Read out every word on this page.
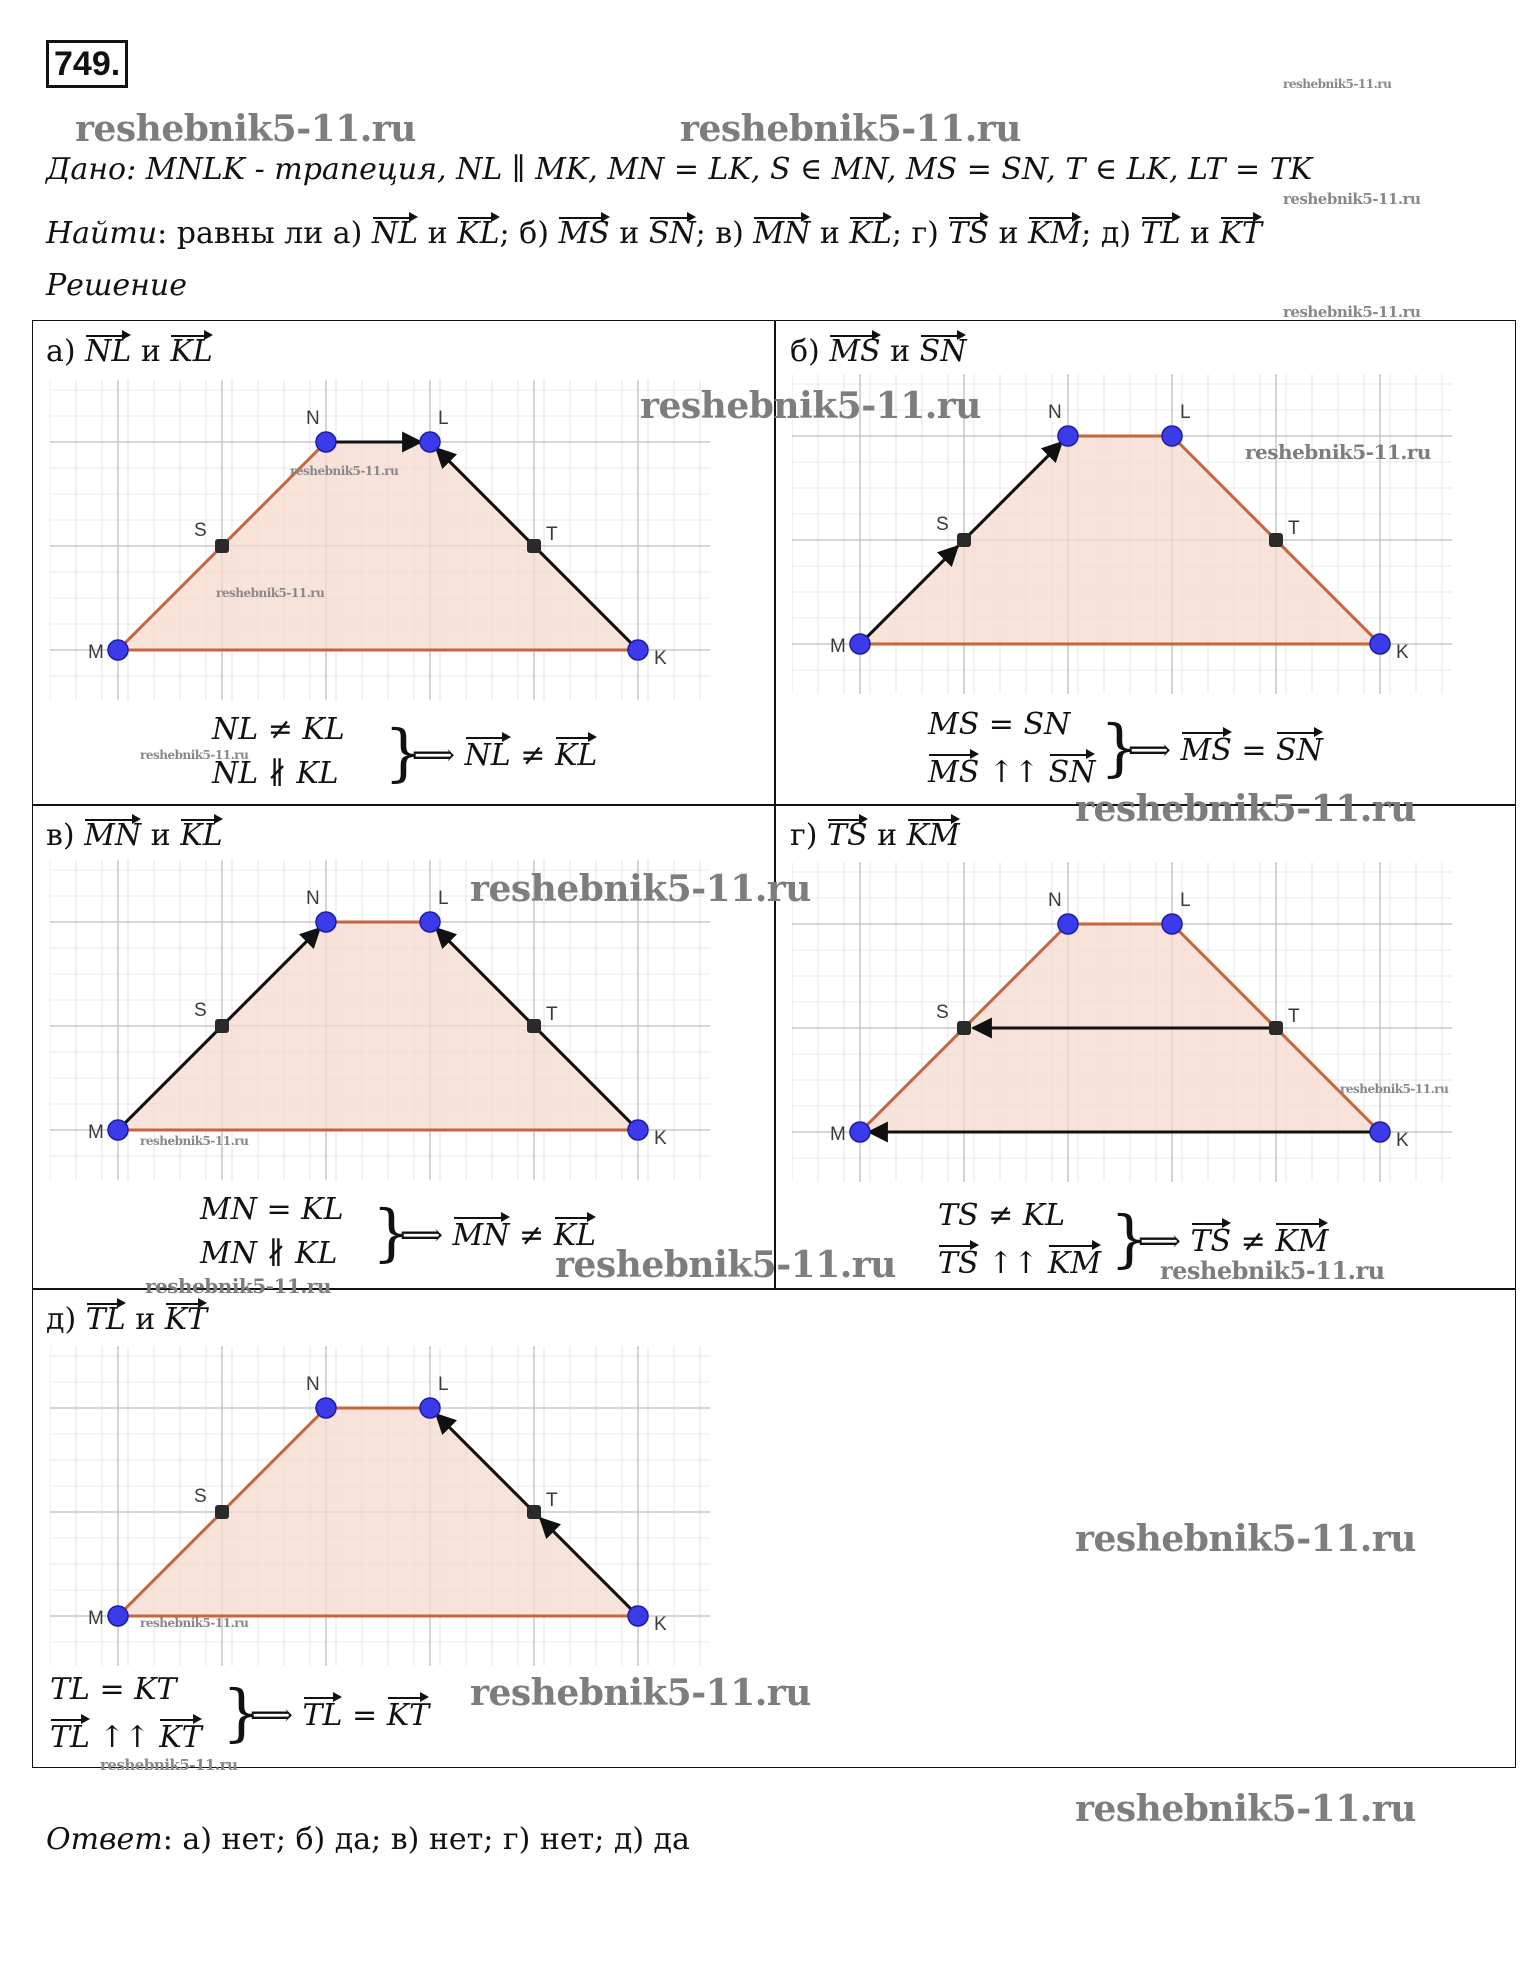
749.
reshebnik5-11.ru	reshebnik5-11.ru
reshebnik5-11.ru
reshebnik5-11.ru
reshebnik5-11.ru
Дано: MNLK - трапеция, NL ∥ MK, MN = LK, S ∈ MN, MS = SN, T ∈ LK, LT = TK
Найти: равны ли а) NL и KL; б) MS и SN; в) MN и KL; г) TS и KM; д) TL и KT
Решение
а) NL и KL	б) MS и SN
в) MN и KL	г) TS и KM
д) TL и KT
M
N	L
K
S	T
M
N	L
K
S	T
M
N	L
K
S	T
M
N	L
K
S	T
M
N	L
K
S	T
NL ≠ KL
NL ∦ KL }
⟹ NL ≠ KL
MS = SN
MS ↑↑ SN }
⟹ MS = SN
MN = KL
MN ∦ KL }
⟹ MN ≠ KL
TS ≠ KL
TS ↑↑ KM }
⟹ TS ≠ KM
TL = KT
TL ↑↑ KT }
⟹ TL = KT
reshebnik5-11.ru
reshebnik5-11.ru
reshebnik5-11.ru
reshebnik5-11.ru
reshebnik5-11.ru
reshebnik5-11.ru
reshebnik5-11.ru
reshebnik5-11.ru
reshebnik5-11.ru
reshebnik5-11.ru	reshebnik5-11.ru
reshebnik5-11.ru
reshebnik5-11.ru
reshebnik5-11.ru
reshebnik5-11.ru
reshebnik5-11.ru
reshebnik5-11.ru
Ответ: а) нет; б) да; в) нет; г) нет; д) да
